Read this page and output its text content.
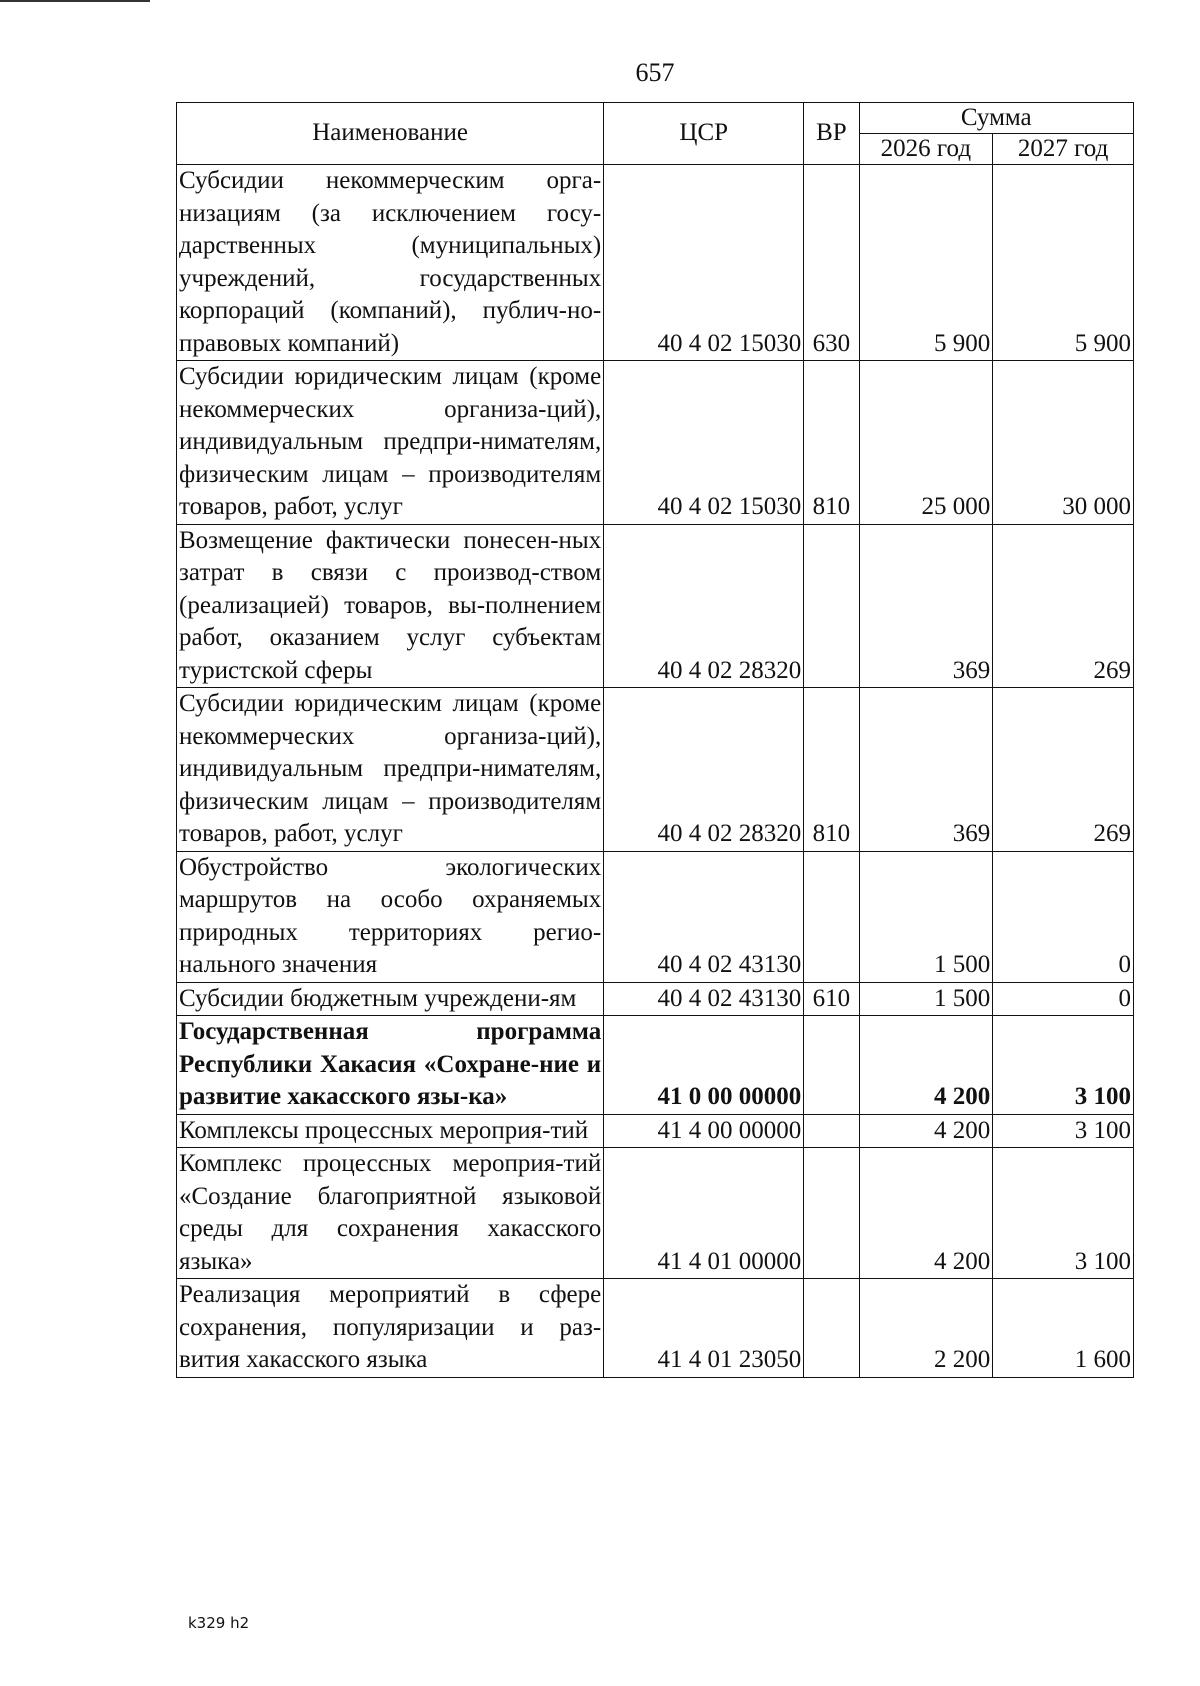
657
Наименование	ЦСР	ВР	Сумма	
			2026 год	2027 год
Субсидии некоммерческим орга-низациям (за исключением госу-дарственных (муниципальных) учреждений, государственных корпораций (компаний), публич-но-правовых компаний)	40 4 02 15030	630	5 900	5 900
Субсидии юридическим лицам (кроме некоммерческих организа-ций), индивидуальным предпри-нимателям, физическим лицам – производителям товаров, работ, услуг	40 4 02 15030	810	25 000	30 000
Возмещение фактически понесен-ных затрат в связи с производ-ством (реализацией) товаров, вы-полнением работ, оказанием услуг субъектам туристской сферы	40 4 02 28320		369	269
Субсидии юридическим лицам (кроме некоммерческих организа-ций), индивидуальным предпри-нимателям, физическим лицам – производителям товаров, работ, услуг	40 4 02 28320	810	369	269
Обустройство экологических маршрутов на особо охраняемых природных территориях регио-нального значения	40 4 02 43130		1 500	0
Субсидии бюджетным учреждени-ям	40 4 02 43130	610	1 500	0
Государственная программа Республики Хакасия «Сохране-ние и развитие хакасского язы-ка»	41 0 00 00000		4 200	3 100
Комплексы процессных мероприя-тий	41 4 00 00000		4 200	3 100
Комплекс процессных мероприя-тий «Создание благоприятной языковой среды для сохранения хакасского языка»	41 4 01 00000		4 200	3 100
Реализация мероприятий в сфере сохранения, популяризации и раз-вития хакасского языка	41 4 01 23050		2 200	1 600
k329 h2
